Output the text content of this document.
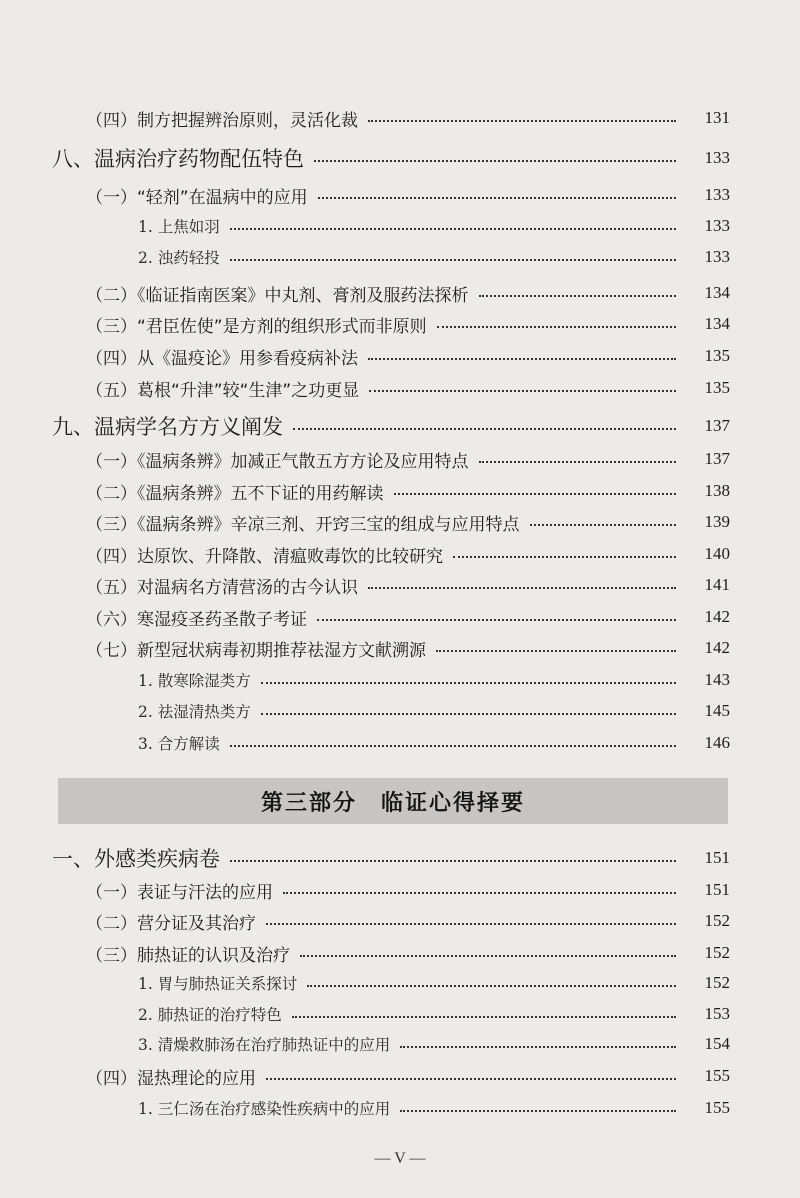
（四）制方把握辨治原则，灵活化裁	131
八、温病治疗药物配伍特色	133
（一）“轻剂”在温病中的应用	133
1. 上焦如羽	133
2. 浊药轻投	133
（二）《临证指南医案》中丸剂、膏剂及服药法探析	134
（三）“君臣佐使”是方剂的组织形式而非原则	134
（四）从《温疫论》用参看疫病补法	135
（五）葛根“升津”较“生津”之功更显	135
九、温病学名方方义阐发	137
（一）《温病条辨》加减正气散五方方论及应用特点	137
（二）《温病条辨》五不下证的用药解读	138
（三）《温病条辨》辛凉三剂、开窍三宝的组成与应用特点	139
（四）达原饮、升降散、清瘟败毒饮的比较研究	140
（五）对温病名方清营汤的古今认识	141
（六）寒湿疫圣药圣散子考证	142
（七）新型冠状病毒初期推荐祛湿方文献溯源	142
1. 散寒除湿类方	143
2. 祛湿清热类方	145
3. 合方解读	146
一、外感类疾病卷	151
（一）表证与汗法的应用	151
（二）营分证及其治疗	152
（三）肺热证的认识及治疗	152
1. 胃与肺热证关系探讨	152
2. 肺热证的治疗特色	153
3. 清燥救肺汤在治疗肺热证中的应用	154
（四）湿热理论的应用	155
1. 三仁汤在治疗感染性疾病中的应用	155
第三部分　临证心得择要
— V —
